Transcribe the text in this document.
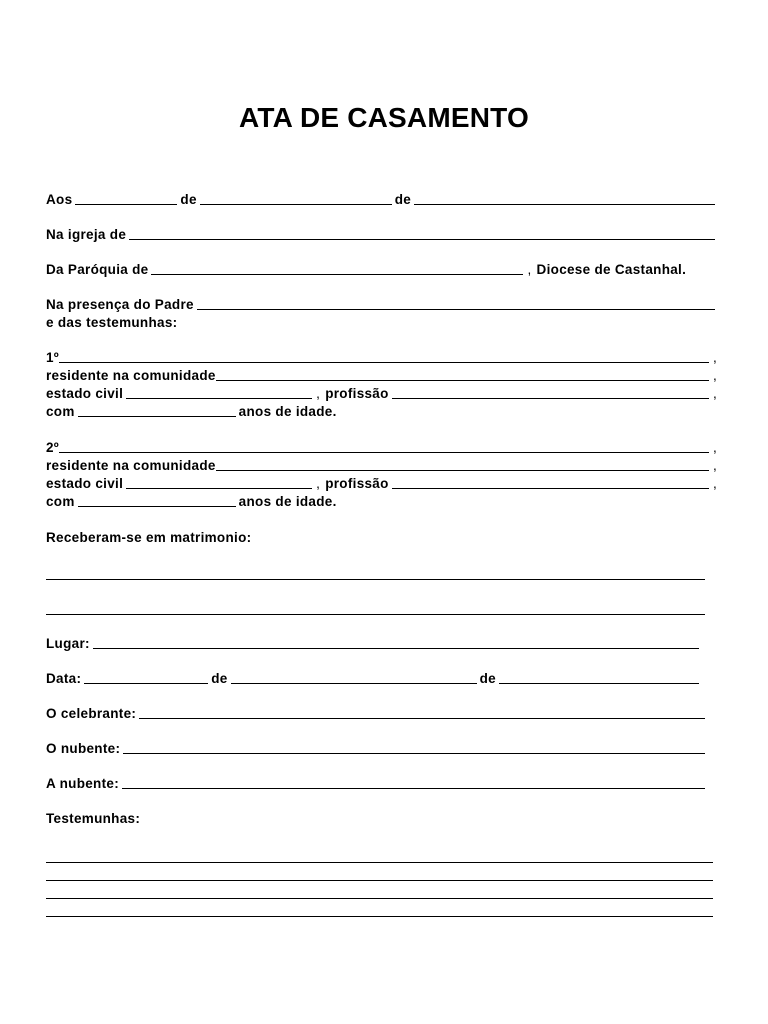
ATA DE CASAMENTO
Aos	de	de
Na igreja de
Da Paróquia de	, Diocese de Castanhal.
Na presença do Padre
e das testemunhas:
1º	,
residente na comunidade	,
estado civil	, profissão	,
com	anos de idade.
2º	,
residente na comunidade	,
estado civil	, profissão	,
com	anos de idade.
Receberam-se em matrimonio:
Lugar:
Data:	de	de
O celebrante:
O nubente:
A nubente:
Testemunhas:
